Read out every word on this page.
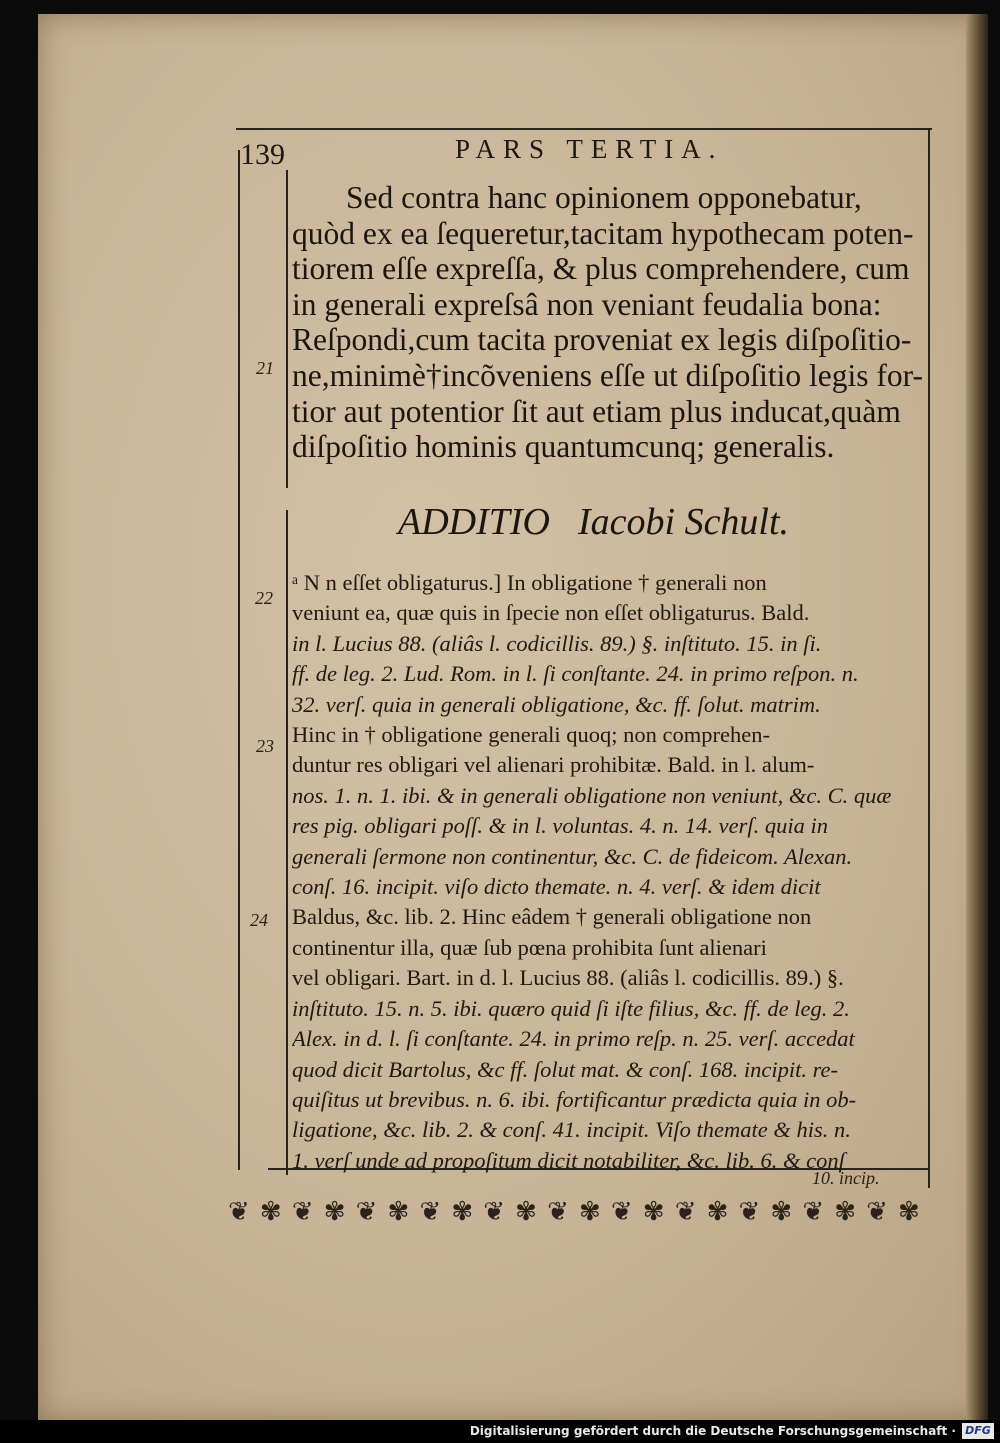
139	PARS TERTIA.
Sed contra hanc opinionem opponebatur,
quòd ex ea ſequeretur,tacitam hypothecam poten-
tiorem eſſe expreſſa, & plus comprehendere, cum
in generali expreſsâ non veniant feudalia bona:
Reſpondi,cum tacita proveniat ex legis diſpoſitio-
ne,minimè†incõveniens eſſe ut diſpoſitio legis for-
tior aut potentior ſit aut etiam plus inducat,quàm
diſpoſitio hominis quantumcunq; generalis.
21
ADDITIO Iacobi Schult.
22
23
24
ᵃ N n eſſet obligaturus.] In obligatione † generali non
veniunt ea, quæ quis in ſpecie non eſſet obligaturus. Bald.
in l. Lucius 88. (aliâs l. codicillis. 89.) §. inſtituto. 15. in ſi.
ff. de leg. 2. Lud. Rom. in l. ſi conſtante. 24. in primo reſpon. n.
32. verſ. quia in generali obligatione, &c. ff. ſolut. matrim.
Hinc in † obligatione generali quoq; non comprehen-
duntur res obligari vel alienari prohibitæ. Bald. in l. alum-
nos. 1. n. 1. ibi. & in generali obligatione non veniunt, &c. C. quæ
res pig. obligari poſſ. & in l. voluntas. 4. n. 14. verſ. quia in
generali ſermone non continentur, &c. C. de fideicom. Alexan.
conſ. 16. incipit. viſo dicto themate. n. 4. verſ. & idem dicit
Baldus, &c. lib. 2. Hinc eâdem † generali obligatione non
continentur illa, quæ ſub pœna prohibita ſunt alienari
vel obligari. Bart. in d. l. Lucius 88. (aliâs l. codicillis. 89.) §.
inſtituto. 15. n. 5. ibi. quæro quid ſi iſte filius, &c. ff. de leg. 2.
Alex. in d. l. ſi conſtante. 24. in primo reſp. n. 25. verſ. accedat
quod dicit Bartolus, &c ff. ſolut mat. & conſ. 168. incipit. re-
quiſitus ut brevibus. n. 6. ibi. fortificantur prædicta quia in ob-
ligatione, &c. lib. 2. & conſ. 41. incipit. Viſo themate & his. n.
1. verſ unde ad propoſitum dicit notabiliter, &c. lib. 6. & conſ
10. incip.
❦ ✾ ❦ ✾ ❦ ✾ ❦ ✾ ❦ ✾ ❦ ✾ ❦ ✾ ❦ ✾ ❦ ✾ ❦ ✾ ❦ ✾
Digitalisierung gefördert durch die Deutsche Forschungsgemeinschaft · DFG
